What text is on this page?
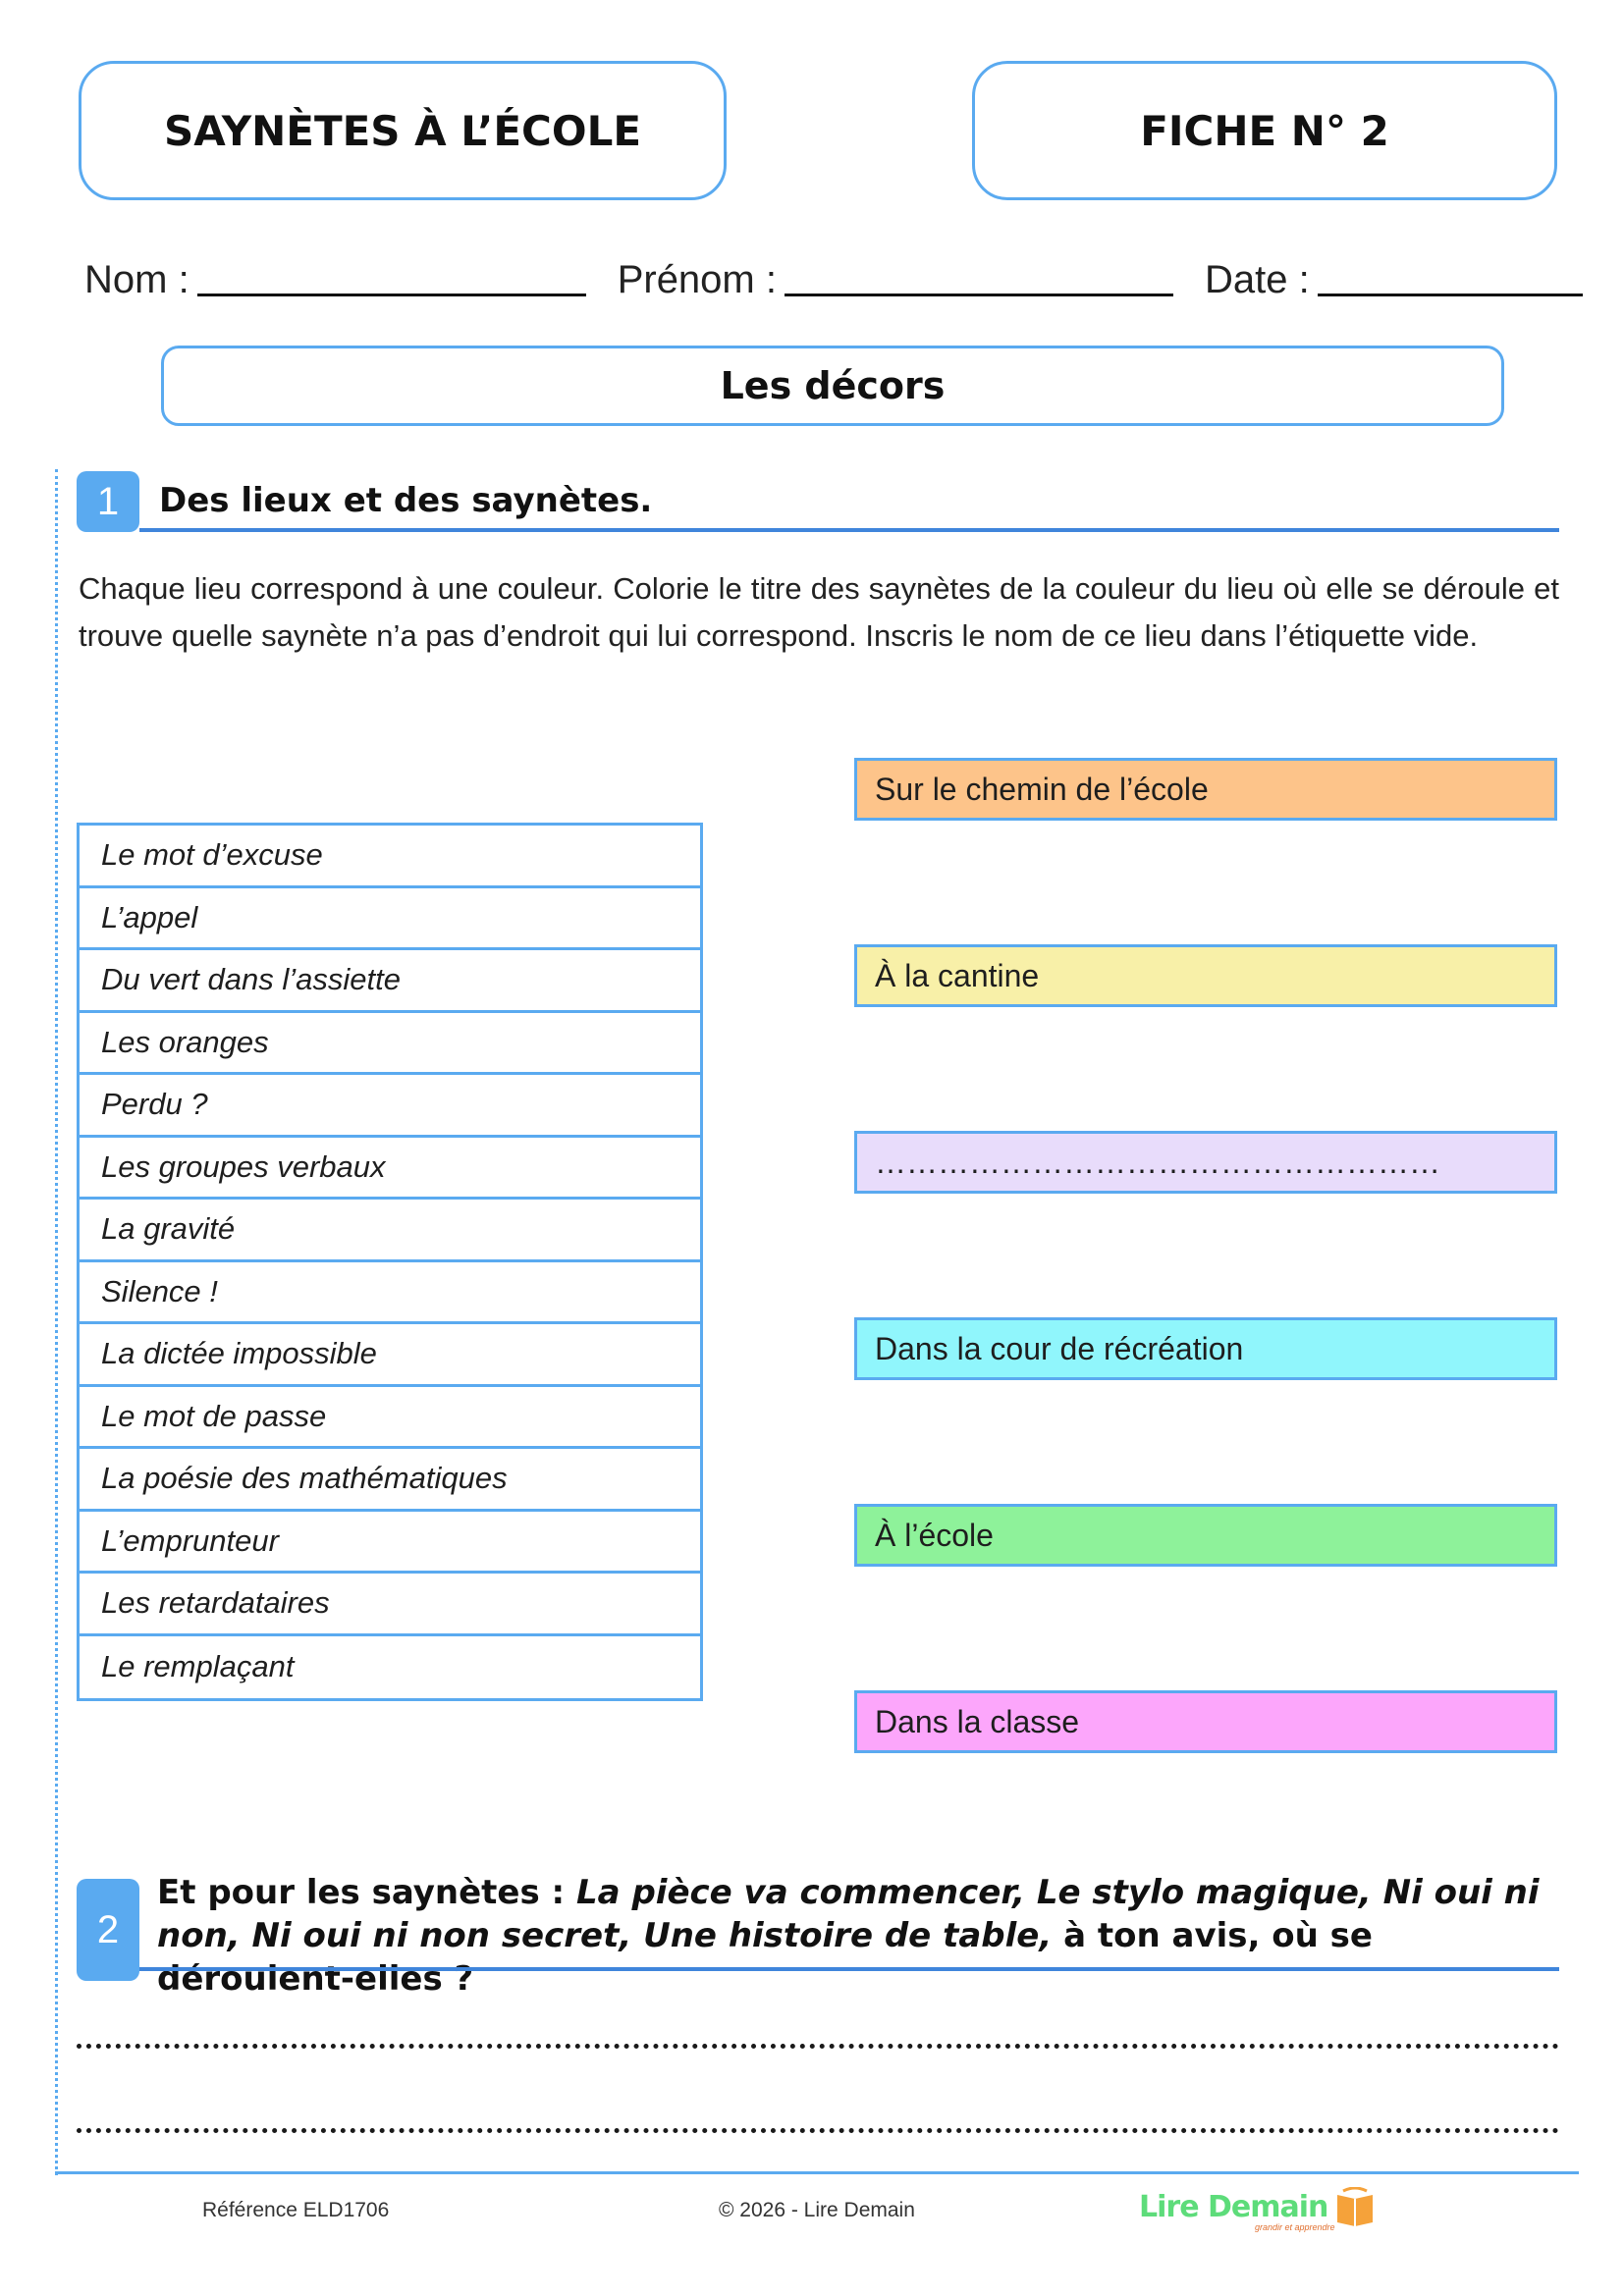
SAYNÈTES À L’ÉCOLE	FICHE N° 2
Nom :	Prénom :	Date :
Les décors
1	Des lieux et des saynètes.

Chaque lieu correspond à une couleur. Colorie le titre des saynètes de la couleur du lieu où elle se déroule et trouve quelle saynète n’a pas d’endroit qui lui correspond. Inscris le nom de ce lieu dans l’étiquette vide.

Le mot d’excuse
L’appel
Du vert dans l’assiette
Les oranges
Perdu ?
Les groupes verbaux
La gravité
Silence !
La dictée impossible
Le mot de passe
La poésie des mathématiques
L’emprunteur
Les retardataires
Le remplaçant
Sur le chemin de l’école
À la cantine
………………………………………………
Dans la cour de récréation
À l’école
Dans la classe
2
Et pour les saynètes : La pièce va commencer, Le stylo magique, Ni oui ni non, Ni oui ni non secret, Une histoire de table, à ton avis, où se déroulent-elles ?
Référence ELD1706	© 2026 - Lire Demain	Lire Demain
grandir et apprendre
